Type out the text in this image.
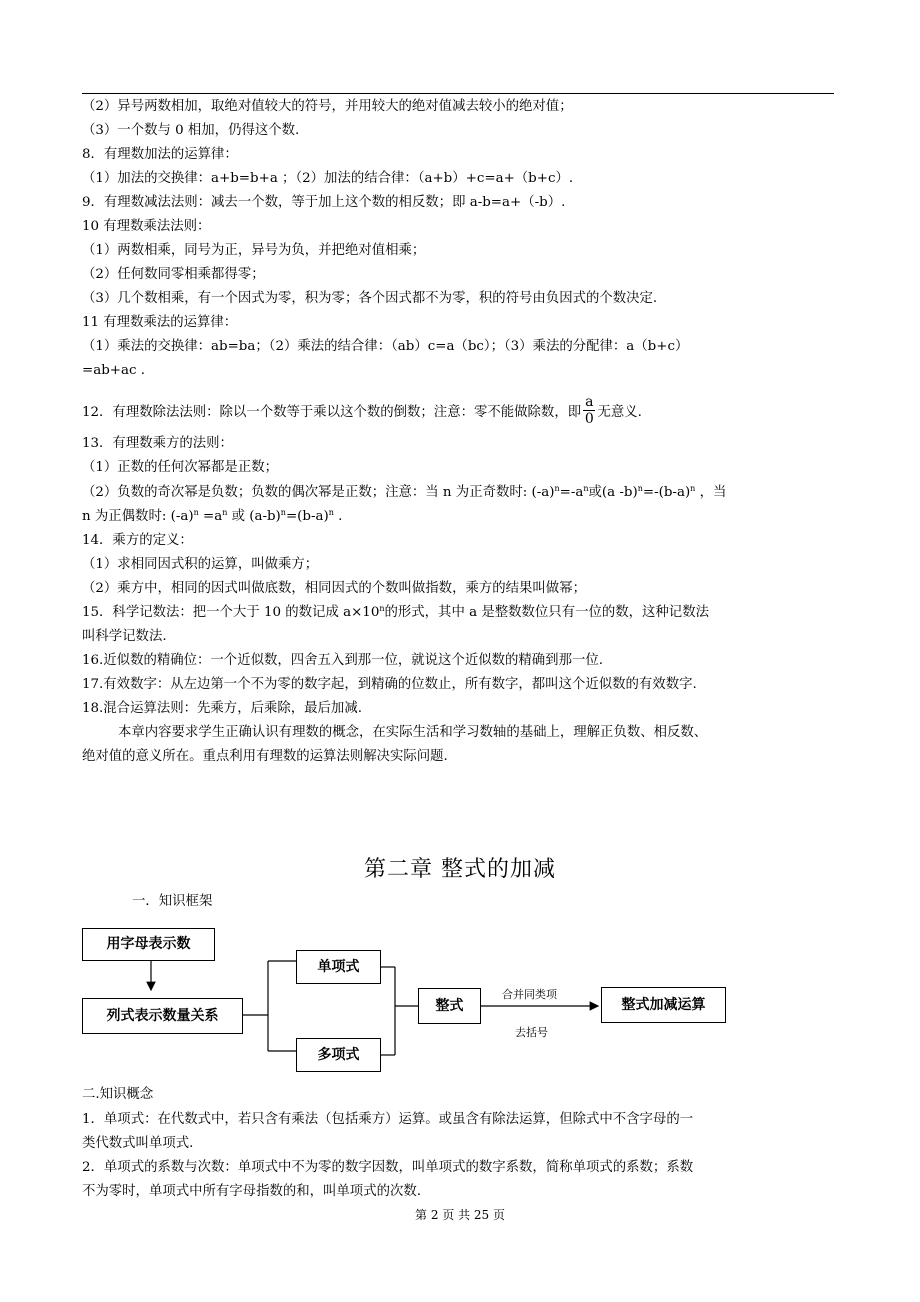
（2）异号两数相加，取绝对值较大的符号，并用较大的绝对值减去较小的绝对值；
（3）一个数与 0 相加，仍得这个数.
8．有理数加法的运算律：
（1）加法的交换律：a+b=b+a ；（2）加法的结合律：（a+b）+c=a+（b+c）.
9．有理数减法法则：减去一个数，等于加上这个数的相反数；即 a-b=a+（-b）.
10 有理数乘法法则：
（1）两数相乘，同号为正，异号为负，并把绝对值相乘；
（2）任何数同零相乘都得零；
（3）几个数相乘，有一个因式为零，积为零；各个因式都不为零，积的符号由负因式的个数决定.
11 有理数乘法的运算律：
（1）乘法的交换律：ab=ba；（2）乘法的结合律：（ab）c=a（bc）；（3）乘法的分配律：a（b+c）
=ab+ac .
12．有理数除法法则：除以一个数等于乘以这个数的倒数；注意：零不能做除数，即 $\frac{a}{0}$ 无意义.
13．有理数乘方的法则：
（1）正数的任何次幂都是正数；
（2）负数的奇次幂是负数；负数的偶次幂是正数；注意：当 n 为正奇数时: $(-a)^n=-a^n$或(a $-b)^n=-(b-a)^n$ ，当
n 为正偶数时: $(-a)^n =a^n$ 或 $(a-b)^n=(b-a)^n$ .
14．乘方的定义：
（1）求相同因式积的运算，叫做乘方；
（2）乘方中，相同的因式叫做底数，相同因式的个数叫做指数，乘方的结果叫做幂；
15．科学记数法：把一个大于 10 的数记成 $a\times 10^n$的形式，其中 a 是整数数位只有一位的数，这种记数法
叫科学记数法.
16.近似数的精确位：一个近似数，四舍五入到那一位，就说这个近似数的精确到那一位.
17.有效数字：从左边第一个不为零的数字起，到精确的位数止，所有数字，都叫这个近似数的有效数字.
18.混合运算法则：先乘方，后乘除，最后加减.
本章内容要求学生正确认识有理数的概念，在实际生活和学习数轴的基础上，理解正负数、相反数、
绝对值的意义所在。重点利用有理数的运算法则解决实际问题.
第二章 整式的加减
一．知识框架
用字母表示数
列式表示数量关系
单项式
多项式
整式	整式加减运算
合并同类项
去括号
二.知识概念
1．单项式：在代数式中，若只含有乘法（包括乘方）运算。或虽含有除法运算，但除式中不含字母的一
类代数式叫单项式.
2．单项式的系数与次数：单项式中不为零的数字因数，叫单项式的数字系数，简称单项式的系数；系数
不为零时，单项式中所有字母指数的和，叫单项式的次数.
第 2 页 共 25 页
